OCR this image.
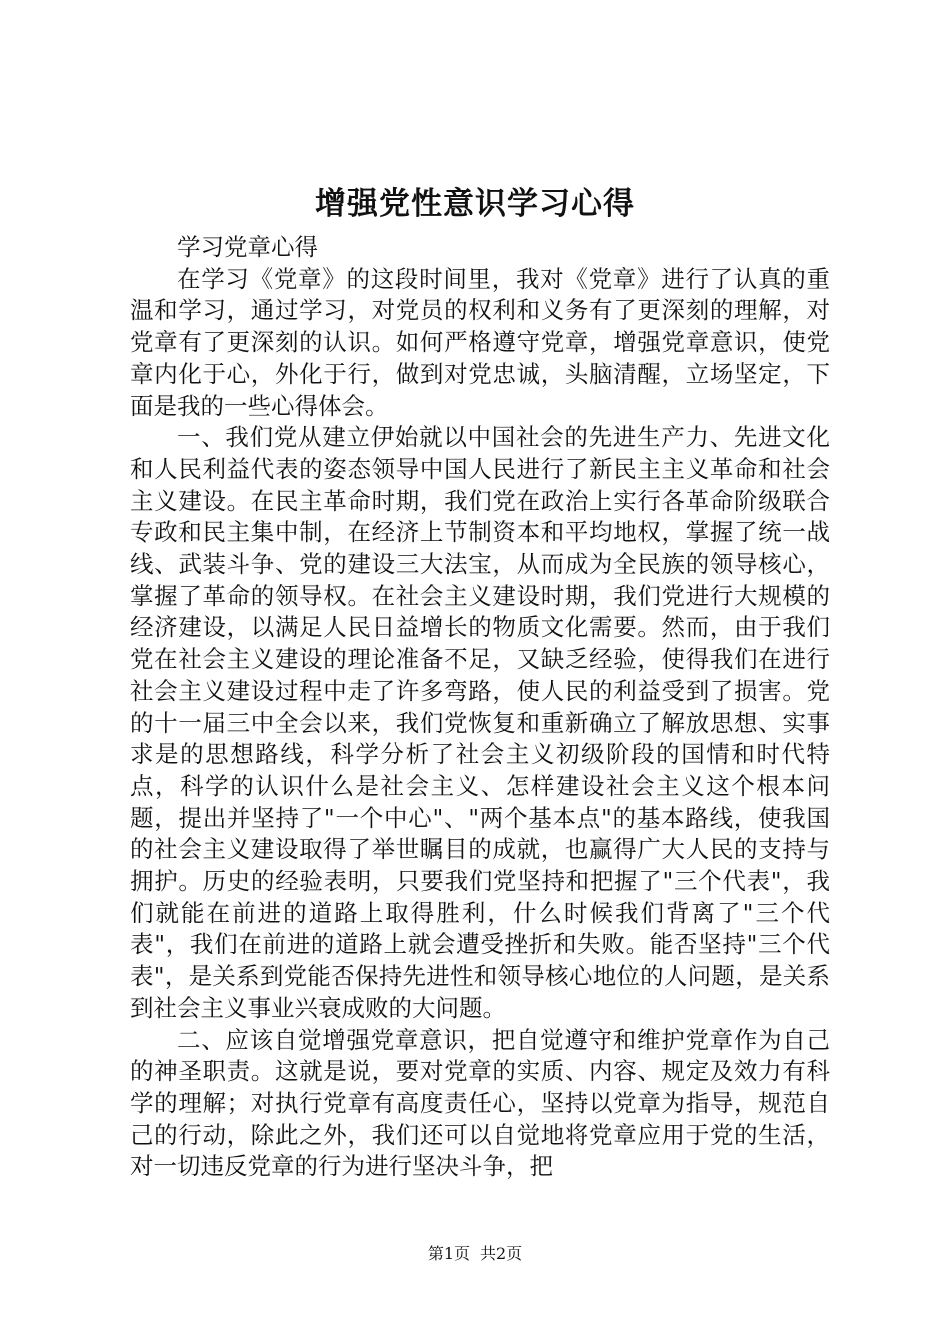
增强党性意识学习心得

学习党章心得

在学习《党章》的这段时间里，我对《党章》进行了认真的重温和学习，通过学习，对党员的权利和义务有了更深刻的理解，对党章有了更深刻的认识。如何严格遵守党章，增强党章意识，使党章内化于心，外化于行，做到对党忠诚，头脑清醒，立场坚定，下面是我的一些心得体会。

一、我们党从建立伊始就以中国社会的先进生产力、先进文化和人民利益代表的姿态领导中国人民进行了新民主主义革命和社会主义建设。在民主革命时期，我们党在政治上实行各革命阶级联合专政和民主集中制，在经济上节制资本和平均地权，掌握了统一战线、武装斗争、党的建设三大法宝，从而成为全民族的领导核心，掌握了革命的领导权。在社会主义建设时期，我们党进行大规模的经济建设，以满足人民日益增长的物质文化需要。然而，由于我们党在社会主义建设的理论准备不足，又缺乏经验，使得我们在进行社会主义建设过程中走了许多弯路，使人民的利益受到了损害。党的十一届三中全会以来，我们党恢复和重新确立了解放思想、实事求是的思想路线，科学分析了社会主义初级阶段的国情和时代特点，科学的认识什么是社会主义、怎样建设社会主义这个根本问题，提出并坚持了"一个中心"、"两个基本点"的基本路线，使我国的社会主义建设取得了举世瞩目的成就，也赢得广大人民的支持与拥护。历史的经验表明，只要我们党坚持和把握了"三个代表"，我们就能在前进的道路上取得胜利，什么时候我们背离了"三个代表"，我们在前进的道路上就会遭受挫折和失败。能否坚持"三个代表"，是关系到党能否保持先进性和领导核心地位的人问题，是关系到社会主义事业兴衰成败的大问题。

二、应该自觉增强党章意识，把自觉遵守和维护党章作为自己的神圣职责。这就是说，要对党章的实质、内容、规定及效力有科学的理解；对执行党章有高度责任心，坚持以党章为指导，规范自己的行动，除此之外，我们还可以自觉地将党章应用于党的生活，对一切违反党章的行为进行坚决斗争，把

第1页 共2页
